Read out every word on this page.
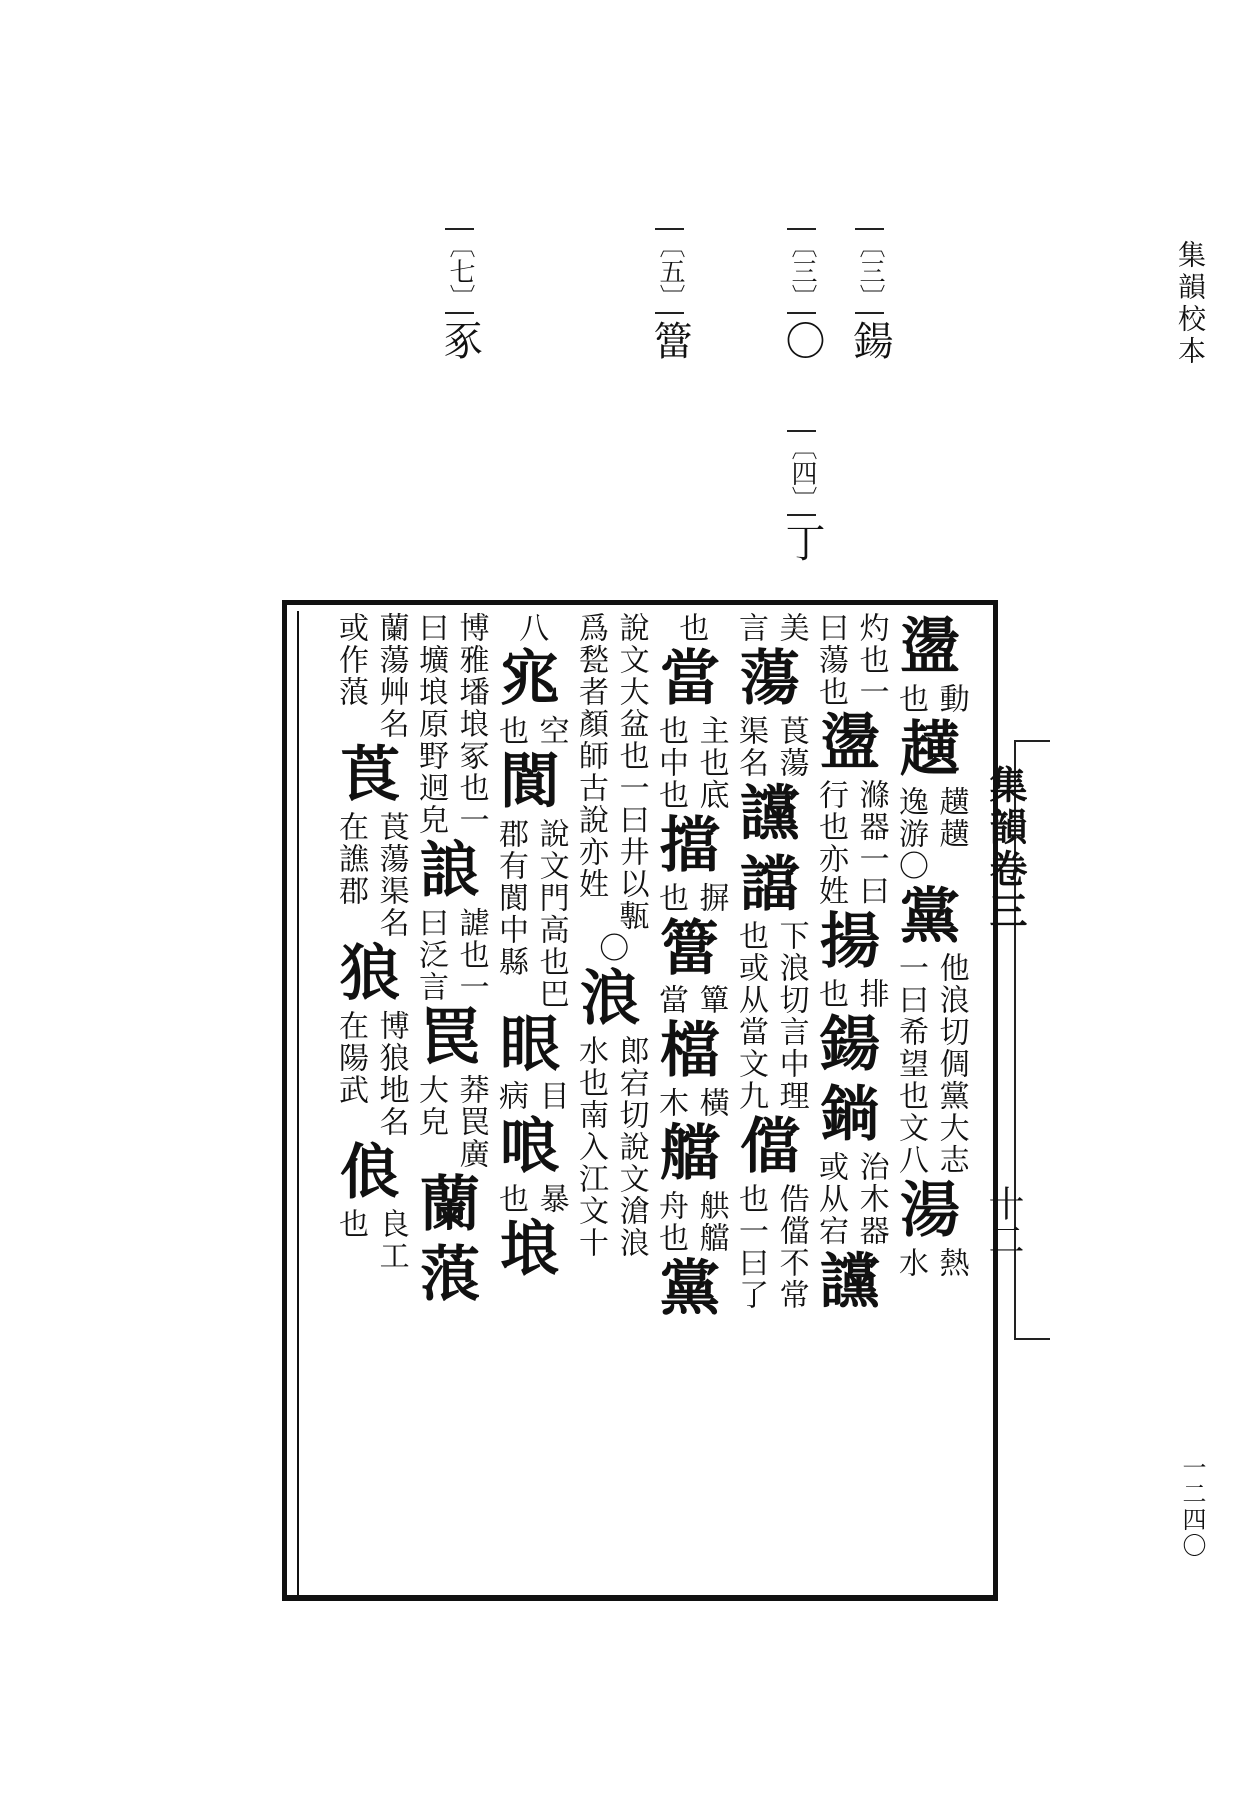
集韻校本
一二四〇
〔三〕鍚
〔三〕〇
〔四〕丁
〔五〕簹
〔七〕豖
集韻卷三
十二
盪
動
也
趪
趪趪
逸游〇
黨
他浪切倜黨大志
一曰希望也文八
湯
熱
水
灼也一
曰蕩也
盪
滌器一曰
行也亦姓
揚
排
也
鍚
鋿
治木器
或从宕
讜
美
言
蕩
莨蕩
渠名
讜
譡
下浪切言中理
也或从當文九
儅
俈儅不常
也一曰了
也
當
主也底
也中也
擋
摒
也
簹
簞
當
檔
橫
木
艡
舼艡
舟也
黨
說文大盆也一曰井以甎
爲甃者顏師古說亦姓
〇
浪
郎宕切說文滄浪
水也南入江文十
八
宨
空
也
閬
說文門高也巴
郡有閬中縣
眼
目
病
哴
暴
也
埌
博雅墦埌冢也一
曰壙埌原野迥皃
誏
謔也一
曰泛言
罠
莽罠廣
大皃
蘭
蒗
蘭蕩艸名
或作蒗
莨
莨蕩渠名
在譙郡
狼
博狼地名
在陽武
俍
良工
也
